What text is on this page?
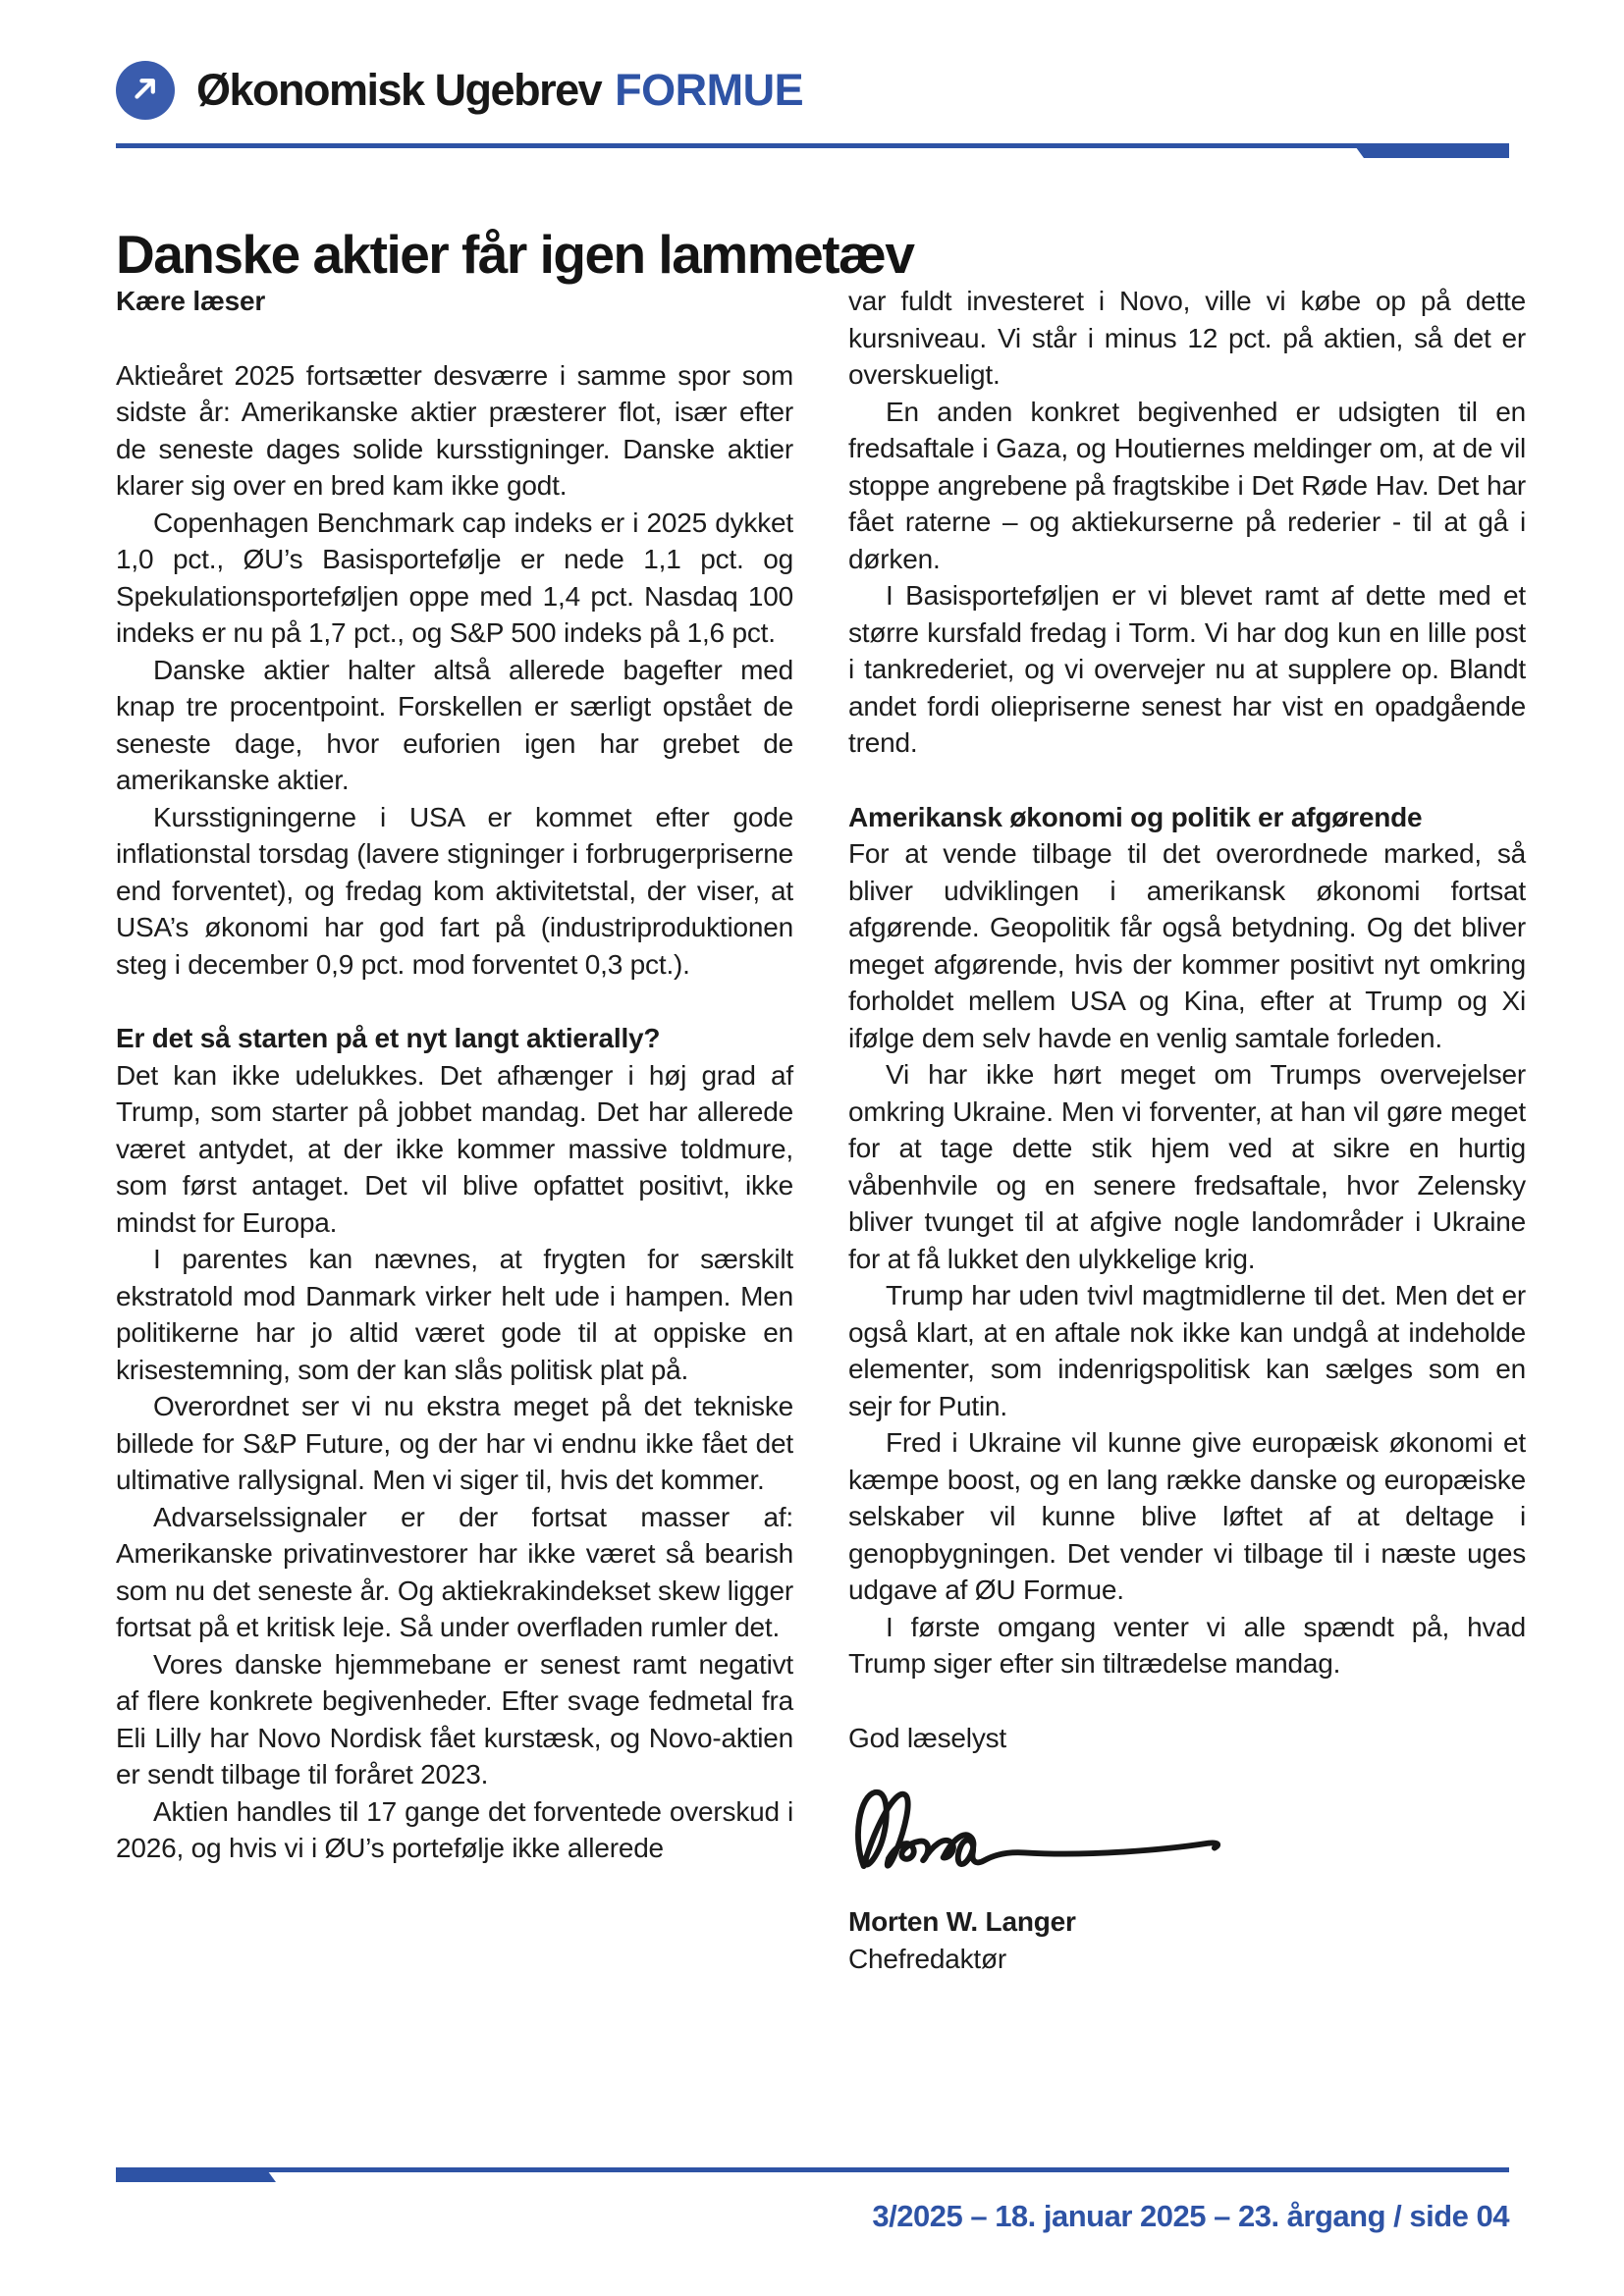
Økonomisk Ugebrev FORMUE
Danske aktier får igen lammetæv
Kære læser

Aktieåret 2025 fortsætter desværre i samme spor som sidste år: Amerikanske aktier præsterer flot, især efter de seneste dages solide kursstigninger. Danske aktier klarer sig over en bred kam ikke godt.

Copenhagen Benchmark cap indeks er i 2025 dykket 1,0 pct., ØU’s Basisportefølje er nede 1,1 pct. og Spekulationsporteføljen oppe med 1,4 pct. Nasdaq 100 indeks er nu på 1,7 pct., og S&P 500 indeks på 1,6 pct.

Danske aktier halter altså allerede bagefter med knap tre procentpoint. Forskellen er særligt opstået de seneste dage, hvor euforien igen har grebet de amerikanske aktier.

Kursstigningerne i USA er kommet efter gode inflationstal torsdag (lavere stigninger i forbrugerpriserne end forventet), og fredag kom aktivitetstal, der viser, at USA’s økonomi har god fart på (industriproduktionen steg i december 0,9 pct. mod forventet 0,3 pct.).

Er det så starten på et nyt langt aktierally?

Det kan ikke udelukkes. Det afhænger i høj grad af Trump, som starter på jobbet mandag. Det har allerede været antydet, at der ikke kommer massive toldmure, som først antaget. Det vil blive opfattet positivt, ikke mindst for Europa.

I parentes kan nævnes, at frygten for særskilt ekstratold mod Danmark virker helt ude i hampen. Men politikerne har jo altid været gode til at oppiske en krisestemning, som der kan slås politisk plat på.

Overordnet ser vi nu ekstra meget på det tekniske billede for S&P Future, og der har vi endnu ikke fået det ultimative rallysignal. Men vi siger til, hvis det kommer.

Advarselssignaler er der fortsat masser af: Amerikanske privatinvestorer har ikke været så bearish som nu det seneste år. Og aktiekrakindekset skew ligger fortsat på et kritisk leje. Så under overfladen rumler det.

Vores danske hjemmebane er senest ramt negativt af flere konkrete begivenheder. Efter svage fedmetal fra Eli Lilly har Novo Nordisk fået kurstæsk, og Novo-aktien er sendt tilbage til foråret 2023.

Aktien handles til 17 gange det forventede overskud i 2026, og hvis vi i ØU’s portefølje ikke allerede

var fuldt investeret i Novo, ville vi købe op på dette kursniveau. Vi står i minus 12 pct. på aktien, så det er overskueligt.

En anden konkret begivenhed er udsigten til en fredsaftale i Gaza, og Houtiernes meldinger om, at de vil stoppe angrebene på fragtskibe i Det Røde Hav. Det har fået raterne – og aktiekurserne på rederier - til at gå i dørken.

I Basisporteføljen er vi blevet ramt af dette med et større kursfald fredag i Torm. Vi har dog kun en lille post i tankrederiet, og vi overvejer nu at supplere op. Blandt andet fordi oliepriserne senest har vist en opadgående trend.

Amerikansk økonomi og politik er afgørende

For at vende tilbage til det overordnede marked, så bliver udviklingen i amerikansk økonomi fortsat afgørende. Geopolitik får også betydning. Og det bliver meget afgørende, hvis der kommer positivt nyt omkring forholdet mellem USA og Kina, efter at Trump og Xi ifølge dem selv havde en venlig samtale forleden.

Vi har ikke hørt meget om Trumps overvejelser omkring Ukraine. Men vi forventer, at han vil gøre meget for at tage dette stik hjem ved at sikre en hurtig våbenhvile og en senere fredsaftale, hvor Zelensky bliver tvunget til at afgive nogle landområder i Ukraine for at få lukket den ulykkelige krig.

Trump har uden tvivl magtmidlerne til det. Men det er også klart, at en aftale nok ikke kan undgå at indeholde elementer, som indenrigspolitisk kan sælges som en sejr for Putin.

Fred i Ukraine vil kunne give europæisk økonomi et kæmpe boost, og en lang række danske og europæiske selskaber vil kunne blive løftet af at deltage i genopbygningen. Det vender vi tilbage til i næste uges udgave af ØU Formue.

I første omgang venter vi alle spændt på, hvad Trump siger efter sin tiltrædelse mandag.

God læselyst

Morten W. Langer

Chefredaktør

3/2025 – 18. januar 2025 – 23. årgang / side 04
